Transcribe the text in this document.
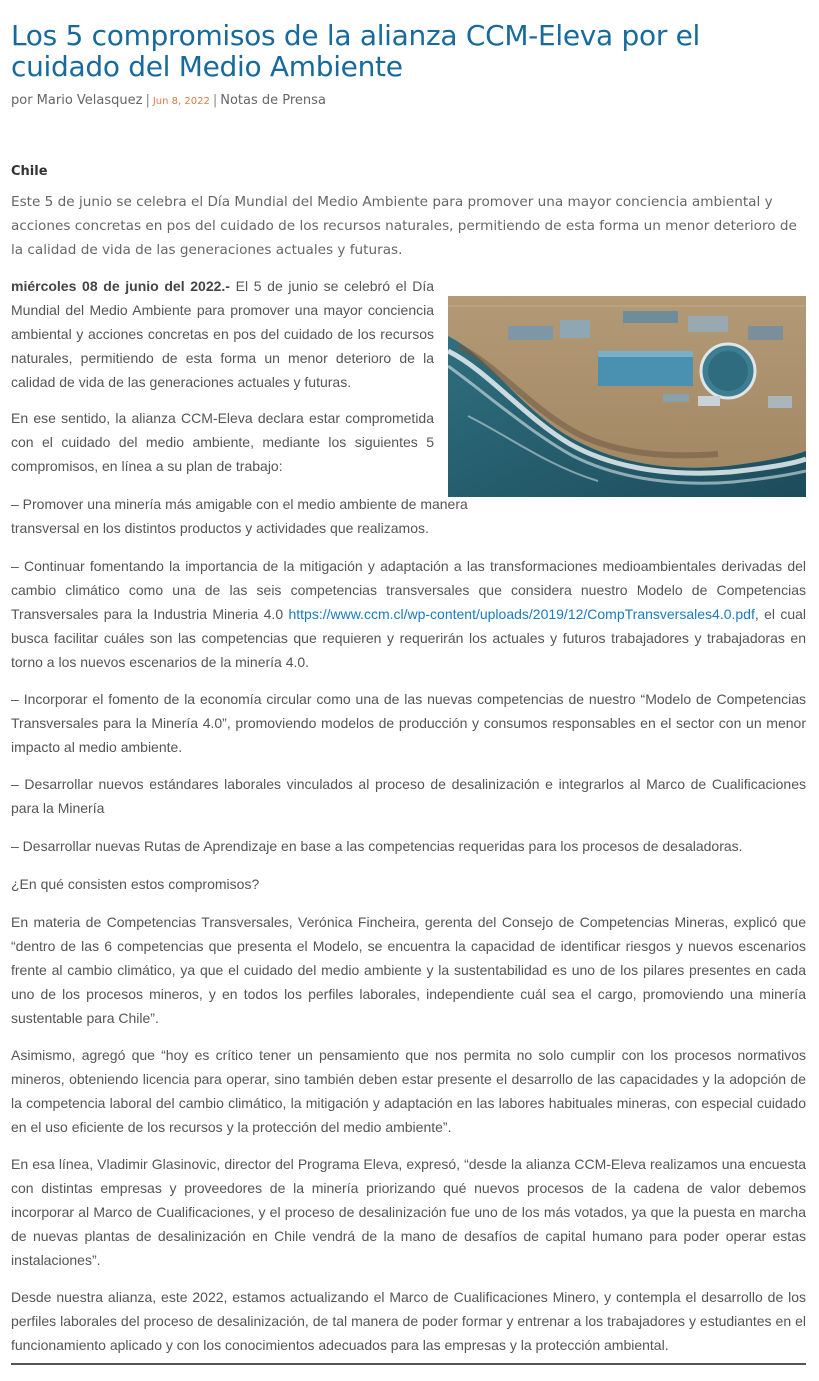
Los 5 compromisos de la alianza CCM-Eleva por el cuidado del Medio Ambiente
por Mario Velasquez | Jun 8, 2022 | Notas de Prensa
Chile

Este 5 de junio se celebra el Día Mundial del Medio Ambiente para promover una mayor conciencia ambiental y acciones concretas en pos del cuidado de los recursos naturales, permitiendo de esta forma un menor deterioro de la calidad de vida de las generaciones actuales y futuras.

miércoles 08 de junio del 2022.- El 5 de junio se celebró el Día Mundial del Medio Ambiente para promover una mayor conciencia ambiental y acciones concretas en pos del cuidado de los recursos naturales, permitiendo de esta forma un menor deterioro de la calidad de vida de las generaciones actuales y futuras.

En ese sentido, la alianza CCM-Eleva declara estar comprometida con el cuidado del medio ambiente, mediante los siguientes 5 compromisos, en línea a su plan de trabajo:

– Promover una minería más amigable con el medio ambiente de manera transversal en los distintos productos y actividades que realizamos.

– Continuar fomentando la importancia de la mitigación y adaptación a las transformaciones medioambientales derivadas del cambio climático como una de las seis competencias transversales que considera nuestro Modelo de Competencias Transversales para la Industria Mineria 4.0 https://www.ccm.cl/wp-content/uploads/2019/12/CompTransversales4.0.pdf, el cual busca facilitar cuáles son las competencias que requieren y requerirán los actuales y futuros trabajadores y trabajadoras en torno a los nuevos escenarios de la minería 4.0.

– Incorporar el fomento de la economía circular como una de las nuevas competencias de nuestro “Modelo de Competencias Transversales para la Minería 4.0”, promoviendo modelos de producción y consumos responsables en el sector con un menor impacto al medio ambiente.

– Desarrollar nuevos estándares laborales vinculados al proceso de desalinización e integrarlos al Marco de Cualificaciones para la Minería

– Desarrollar nuevas Rutas de Aprendizaje en base a las competencias requeridas para los procesos de desaladoras.

¿En qué consisten estos compromisos?

En materia de Competencias Transversales, Verónica Fincheira, gerenta del Consejo de Competencias Mineras, explicó que “dentro de las 6 competencias que presenta el Modelo, se encuentra la capacidad de identificar riesgos y nuevos escenarios frente al cambio climático, ya que el cuidado del medio ambiente y la sustentabilidad es uno de los pilares presentes en cada uno de los procesos mineros, y en todos los perfiles laborales, independiente cuál sea el cargo, promoviendo una minería sustentable para Chile”.

Asimismo, agregó que “hoy es crítico tener un pensamiento que nos permita no solo cumplir con los procesos normativos mineros, obteniendo licencia para operar, sino también deben estar presente el desarrollo de las capacidades y la adopción de la competencia laboral del cambio climático, la mitigación y adaptación en las labores habituales mineras, con especial cuidado en el uso eficiente de los recursos y la protección del medio ambiente”.

En esa línea, Vladimir Glasinovic, director del Programa Eleva, expresó, “desde la alianza CCM-Eleva realizamos una encuesta con distintas empresas y proveedores de la minería priorizando qué nuevos procesos de la cadena de valor debemos incorporar al Marco de Cualificaciones, y el proceso de desalinización fue uno de los más votados, ya que la puesta en marcha de nuevas plantas de desalinización en Chile vendrá de la mano de desafíos de capital humano para poder operar estas instalaciones”.

Desde nuestra alianza, este 2022, estamos actualizando el Marco de Cualificaciones Minero, y contempla el desarrollo de los perfiles laborales del proceso de desalinización, de tal manera de poder formar y entrenar a los trabajadores y estudiantes en el funcionamiento aplicado y con los conocimientos adecuados para las empresas y la protección ambiental.
